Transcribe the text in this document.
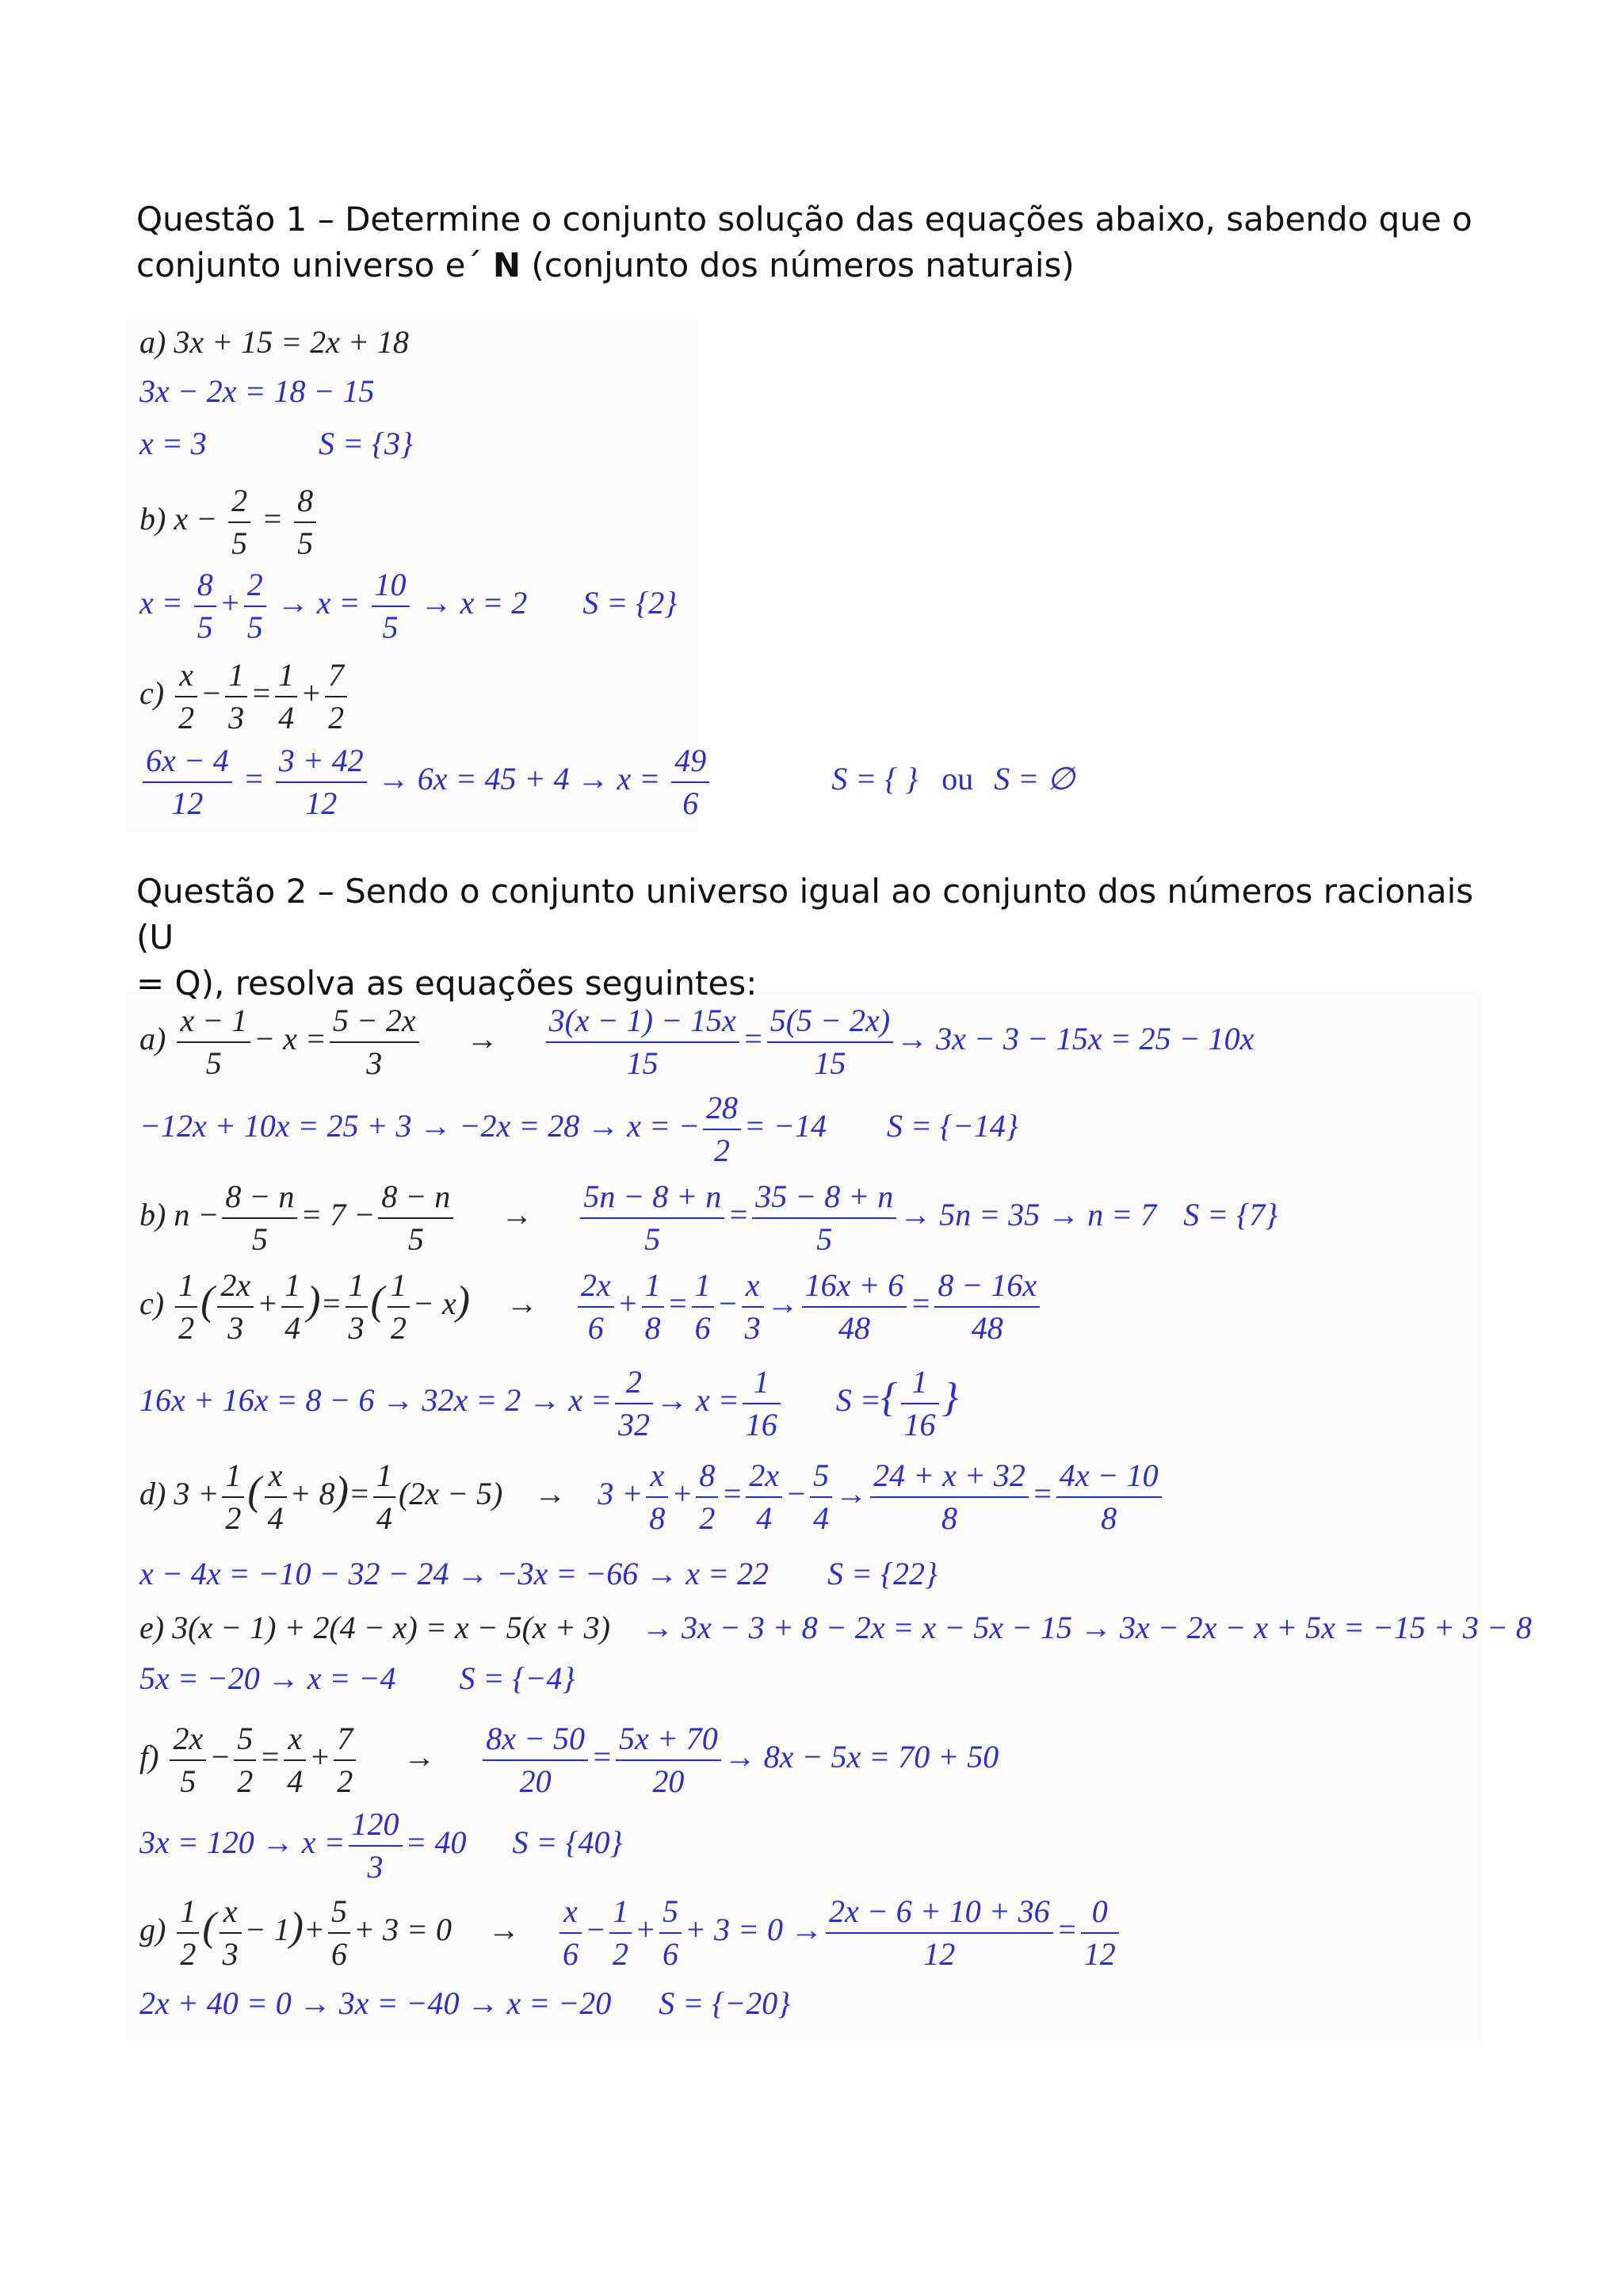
Questão 1 – Determine o conjunto solução das equações abaixo, sabendo que o
conjunto universo e´ N (conjunto dos números naturais)
a) 3x + 15 = 2x + 18
3x − 2x = 18 − 15
x = 3	S = {3}
b) $x - \frac{2}{5} = \frac{8}{5}$
$x = \frac{8}{5} + \frac{2}{5} \to x = \frac{10}{5} \to x = 2$ S = {2}
$c) \frac{x}{2} - \frac{1}{3} = \frac{1}{4} + \frac{7}{2}$
$\frac{6x - 4}{12} = \frac{3 + 42}{12} \to 6x = 45 + 4 \to x = \frac{49}{6}$	S = { } ou S = ∅
Questão 2 – Sendo o conjunto universo igual ao conjunto dos números racionais (U
= Q), resolva as equações seguintes:
$a) \frac{x - 1}{5} - x = \frac{5 - 2x}{3} \to \frac{3(x - 1) - 15x}{15} = \frac{5(5 - 2x)}{15} \to 3x - 3 - 15x = 25 - 10x$
−12x + 10x = 25 + 3 → −2x = 28 → x = − $\frac{28}{2} = -14$ S = {−14}
b) $n - \frac{8 - n}{5} = 7 - \frac{8 - n}{5} \to \frac{5n - 8 + n}{5} = \frac{35 - 8 + n}{5} \to 5n = 35 \to n = 7$ S = {7}
$c) \frac{1}{2}$ ( $\frac{2x}{3} + \frac{1}{4}$ )= $\frac{1}{3}$ ( $\frac{1}{2} - x) \to \frac{2x}{6} + \frac{1}{8} = \frac{1}{6} - \frac{x}{3} \to \frac{16x + 6}{48} = \frac{8 - 16x}{48}$
$16x + 16x = 8 - 6 \to 32x = 2 \to x = \frac{2}{32} \to x = \frac{1}{16}$ S ={ $\frac{1}{16}$ }
d) $3 + \frac{1}{2}$ ( $\frac{x}{4} + 8)= \frac{1}{4} (2x - 5) \to 3 + \frac{x}{8} + \frac{8}{2} = \frac{2x}{4} - \frac{5}{4} \to \frac{24 + x + 32}{8} = \frac{4x - 10}{8}$
x − 4x = −10 − 32 − 24 → −3x = −66 → x = 22 S = {22}
e) 3(x − 1) + 2(4 − x) = x − 5(x + 3) → 3x − 3 + 8 − 2x = x − 5x − 15 → 3x − 2x − x + 5x = −15 + 3 − 8
5x = −20 → x = −4 S = {−4}
$f) \frac{2x}{5} - \frac{5}{2} = \frac{x}{4} + \frac{7}{2} \to \frac{8x - 50}{20} = \frac{5x + 70}{20} \to 8x - 5x = 70 + 50$
$3x = 120 \to x = \frac{120}{3} = 40$ S = {40}
$g) \frac{1}{2}$ ( $\frac{x}{3} - 1)+ \frac{5}{6} + 3 = 0 \to \frac{x}{6} - \frac{1}{2} + \frac{5}{6} + 3 = 0 \to \frac{2x - 6 + 10 + 36}{12} = \frac{0}{12}$
2x + 40 = 0 → 3x = −40 → x = −20 S = {−20}
